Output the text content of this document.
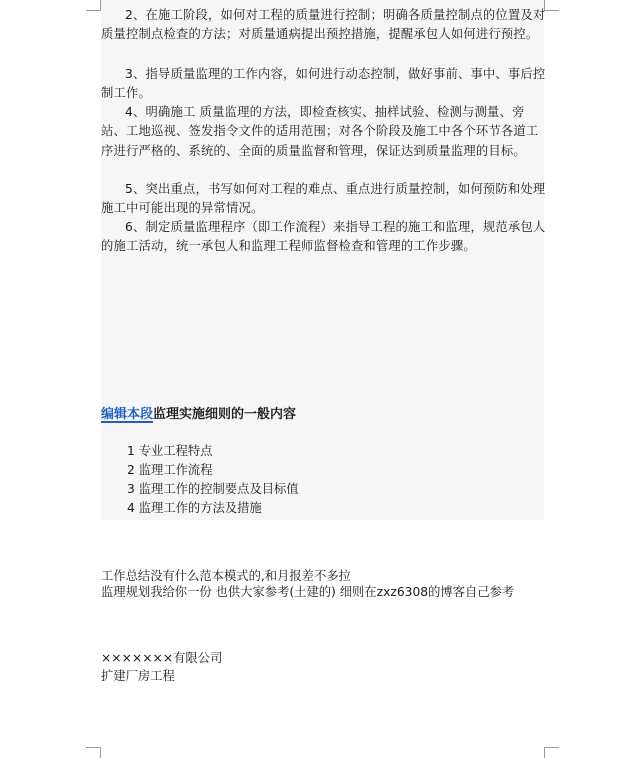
2、在施工阶段，如何对工程的质量进行控制；明确各质量控制点的位置及对质量控制点检查的方法；对质量通病提出预控措施，提醒承包人如何进行预控。

3、指导质量监理的工作内容，如何进行动态控制，做好事前、事中、事后控制工作。

4、明确施工 质量监理的方法，即检查核实、抽样试验、检测与测量、旁站、工地巡视、签发指令文件的适用范围；对各个阶段及施工中各个环节各道工序进行严格的、系统的、全面的质量监督和管理，保证达到质量监理的目标。

5、突出重点，书写如何对工程的难点、重点进行质量控制，如何预防和处理施工中可能出现的异常情况。

6、制定质量监理程序（即工作流程）来指导工程的施工和监理，规范承包人的施工活动，统一承包人和监理工程师监督检查和管理的工作步骤。

编辑本段监理实施细则的一般内容
1 专业工程特点
2 监理工作流程
3 监理工作的控制要点及目标值
4 监理工作的方法及措施
工作总结没有什么范本模式的,和月报差不多拉
监理规划我给你一份 也供大家参考(土建的) 细则在zxz6308的博客自己参考
×××××××有限公司
扩建厂房工程
